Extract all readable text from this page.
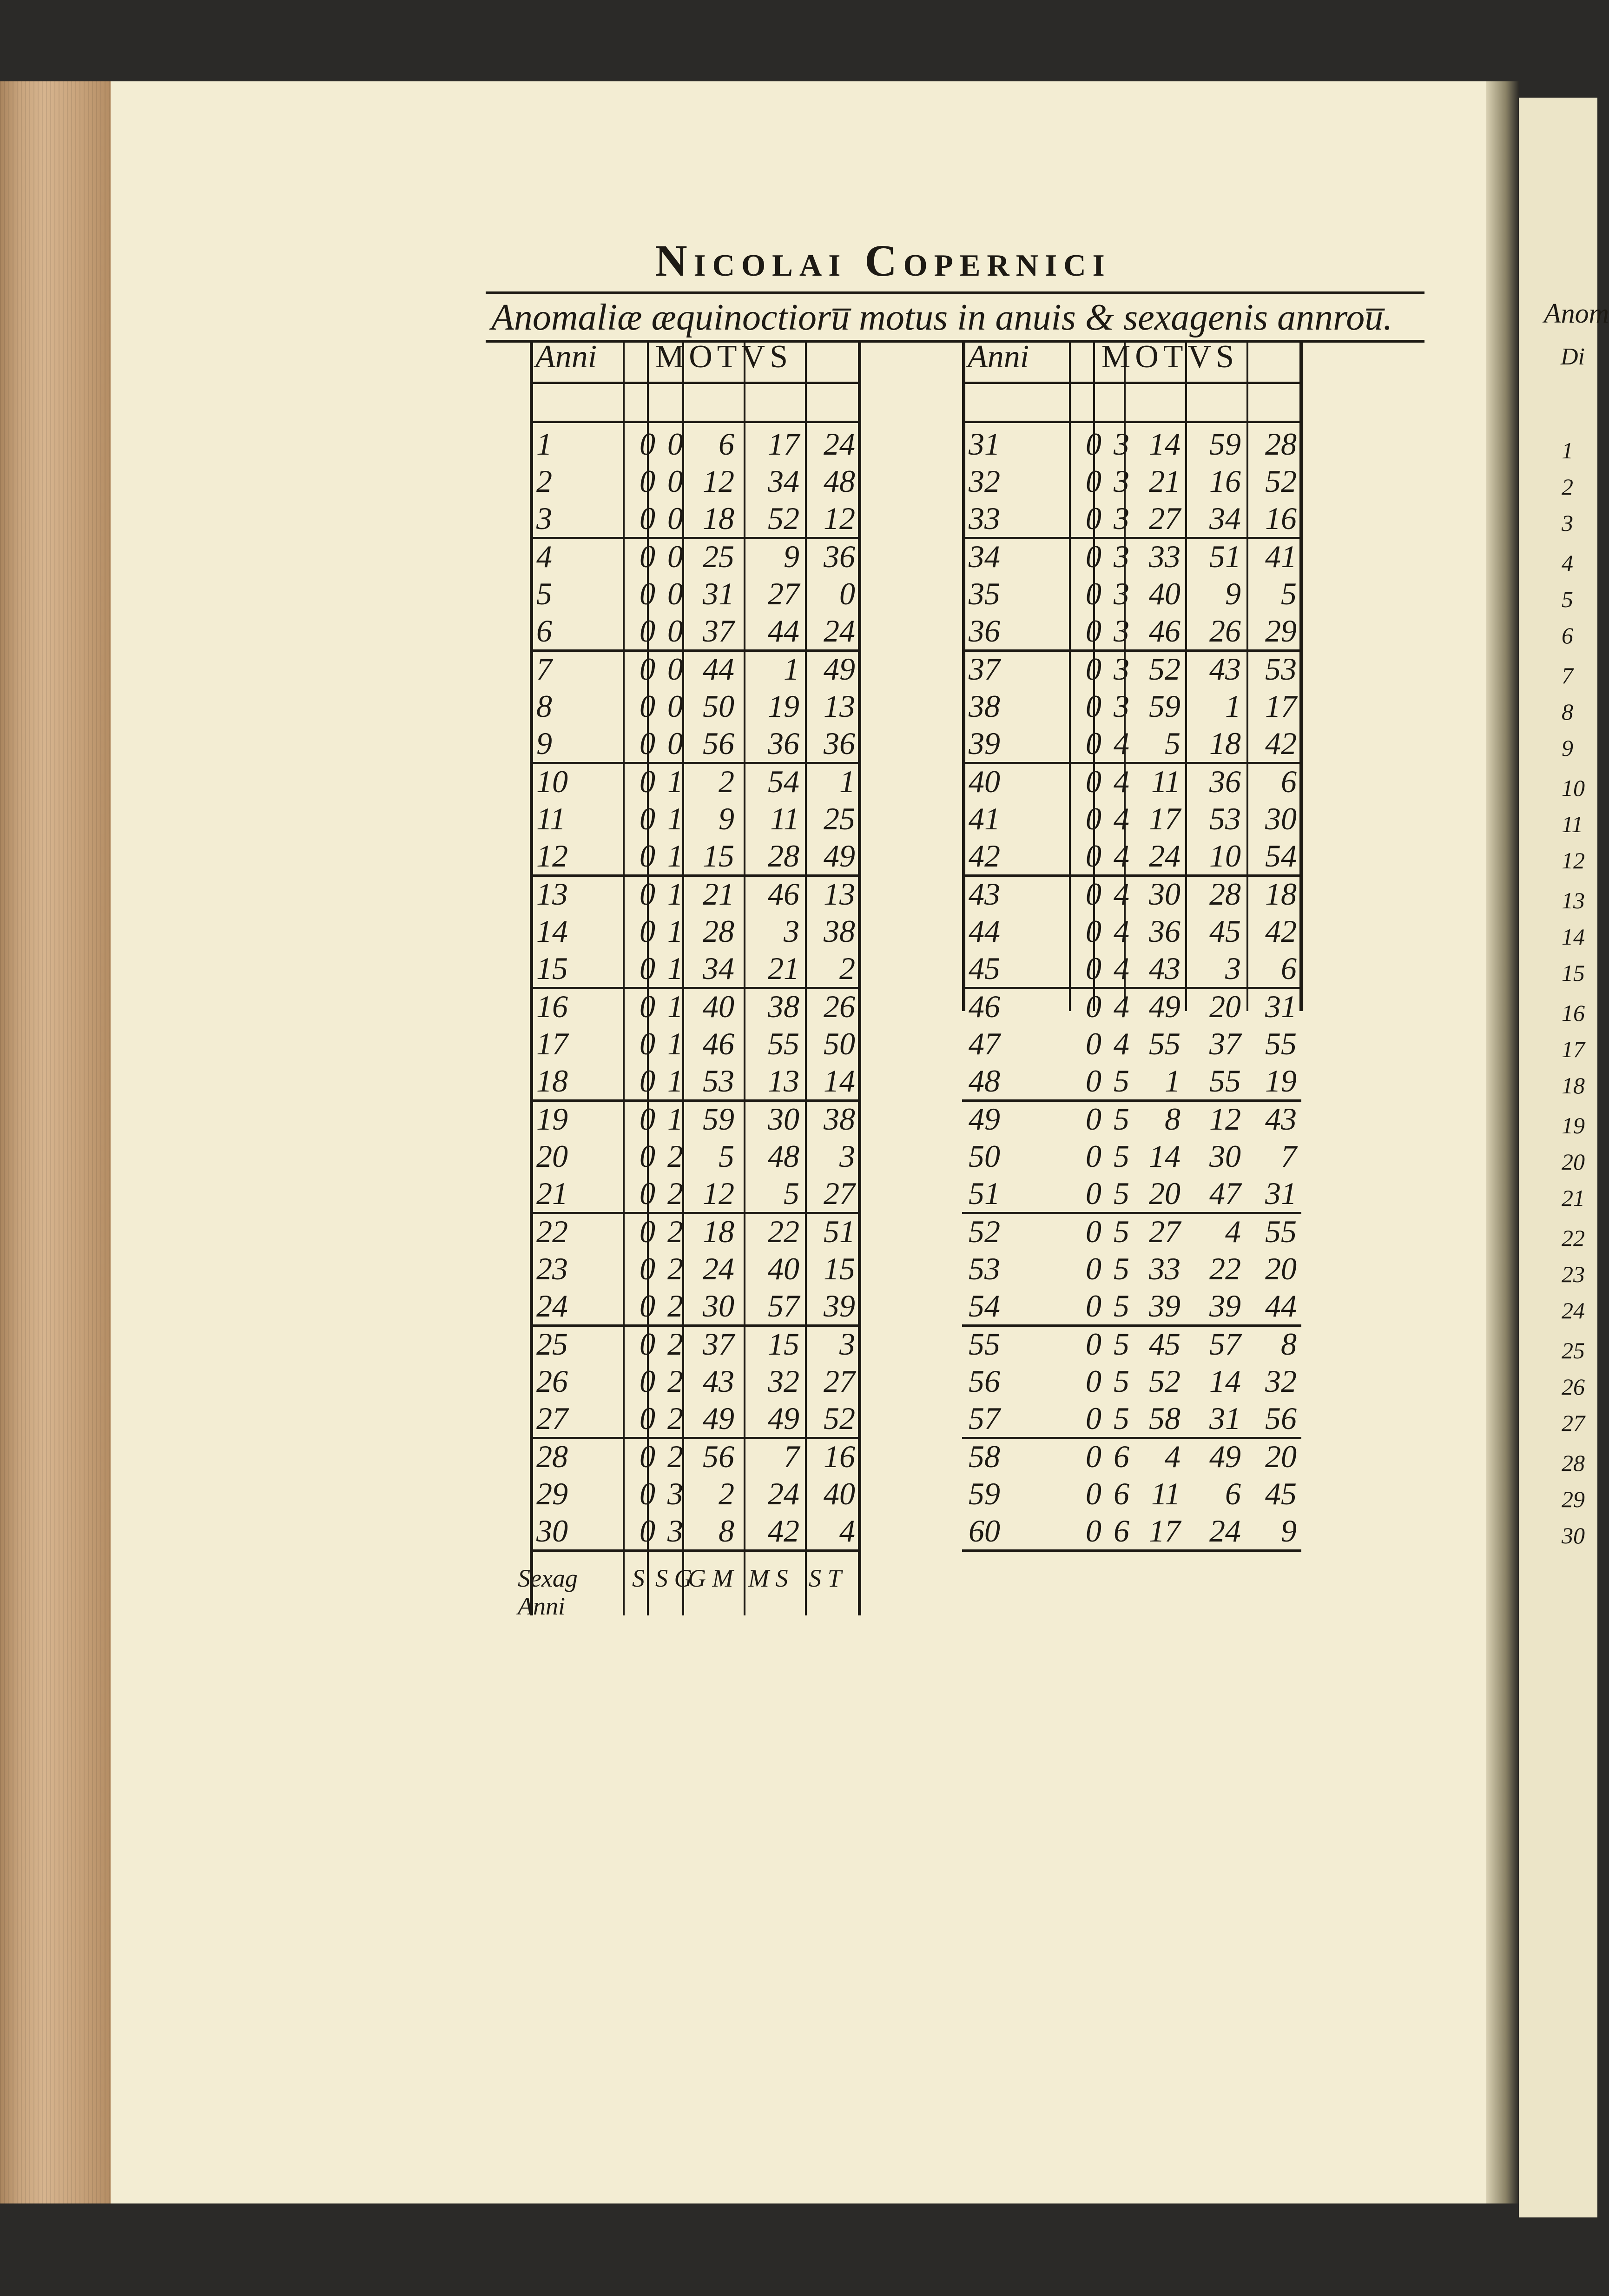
Nicolai Copernici
Anomaliæ æquinoctioru̅ motus in anuis & sexagenis annrou̅.
Anni MOTVS
1	0 0	6	17 24
2	0 0 12	34 48
3	0 0 18	52 12
4	0 0 25	9 36
5	0 0 31	27	0
6	0 0 37	44 24
7	0 0 44	1 49
8	0 0 50	19 13
9	0 0 56	36 36
10	0 1	2	54	1
11	0 1	9	11 25
12	0 1 15	28 49
13	0 1 21	46 13
14	0 1 28	3 38
15	0 1 34	21	2
16	0 1 40	38 26
17	0 1 46	55 50
18	0 1 53	13 14
19	0 1 59	30 38
20	0 2	5	48	3
21	0 2 12	5 27
22	0 2 18	22 51
23	0 2 24	40 15
24	0 2 30	57 39
25	0 2 37	15	3
26	0 2 43	32 27
27	0 2 49	49 52
28	0 2 56	7 16
29	0 3	2	24 40
30	0 3	8	42	4
Sexag Anni
S S G
G M M S S T
Anni MOTVS
31	0 3 14 59 28
32	0 3 21 16 52
33	0 3 27 34 16
34	0 3 33 51 41
35	0 3 40	9	5
36	0 3 46 26 29
37	0 3 52 43 53
38	0 3 59	1 17
39	0 4	5 18 42
40	0 4 11 36	6
41	0 4 17 53 30
42	0 4 24 10 54
43	0 4 30 28 18
44	0 4 36 45 42
45	0 4 43	3	6
46	0 4 49 20 31
47	0 4 55 37 55
48	0 5	1 55 19
49	0 5	8 12 43
50	0 5 14 30	7
51	0 5 20 47 31
52	0 5 27	4 55
53	0 5 33 22 20
54	0 5 39 39 44
55	0 5 45 57	8
56	0 5 52 14 32
57	0 5 58 31 56
58	0 6	4 49 20
59	0 6 11	6 45
60	0 6 17 24	9
Anom
Di
1
2
3
4
5
6
7
8
9
10
11
12
13
14
15
16
17
18
19
20
21
22
23
24
25
26
27
28
29
30
